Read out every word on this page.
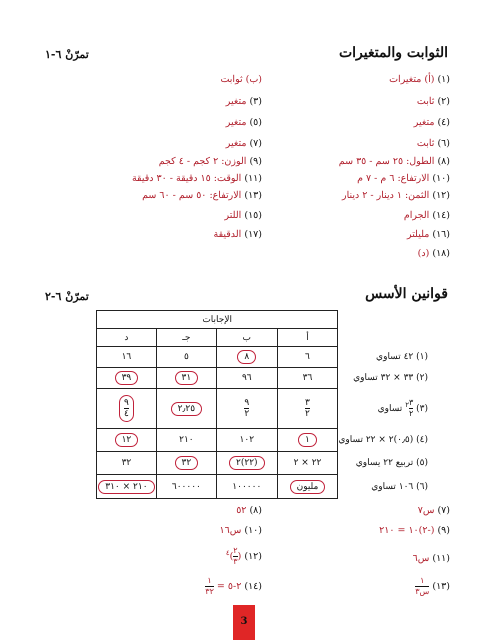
الثوابت والمتغيرات
تمرّنْ ٦-١
(١) (أ) متغيرات
(٢) ثابت
(٤) متغير
(٦) ثابت
(٨) الطول: ٢٥ سم - ٣٥ سم
(١٠) الارتفاع: ٦ م - ٧ م
(١٢) الثمن: ١ دينار - ٢ دينار
(١٤) الجرام
(١٦) مليلتر
(١٨) (د)
(ب) ثوابت
(٣) متغير
(٥) متغير
(٧) متغير
(٩) الوزن: ٢ كجم - ٤ كجم
(١١) الوقت: ١٥ دقيقة - ٣٠ دقيقة
(١٣) الارتفاع: ٥٠ سم - ٦٠ سم
(١٥) اللتر
(١٧) الدقيقة
قوانين الأسس
تمرّنْ ٦-٢
	الإجابات			
	أ	ب	جـ	د
(١) ٤٢ تساوي	٦	٨	٥	١٦
(٢) ٣٣ × ٣٢ تساوي	٣٦	٩٦	٣١	٣٩
(٣)
$\frac{٣}{٢}$
$^٢$ تساوي	$\frac{٣}{٢}$	$\frac{٩}{٢}$	٢٫٢٥	$\frac{٩}{٤}$

(٤) (٠٫٥)٢ × ٢٢ تساوي	١	١٠٢	٢١٠	١٢
(٥) تربيع ٢٢ يساوي	٢٢ × ٢	(٢٢)٢	٣٢	٣٢
(٦) ١٠٦ تساوي	مليون	١٠٠٠٠٠	٦٠٠٠٠٠	٢١٠ × ٣١٠
(٧) س٧
(٨) ٥٢
(٩) (-٢)١٠ = ٢١٠
(١٠) س١٦
(١١) س٦
(١٢) (
$\frac{٢}{٣}$
)$^٤$
(١٣)
$\frac{١}{\text{س٣}}$
(١٤) ٢-٥ =
$\frac{١}{٣٢}$
3
